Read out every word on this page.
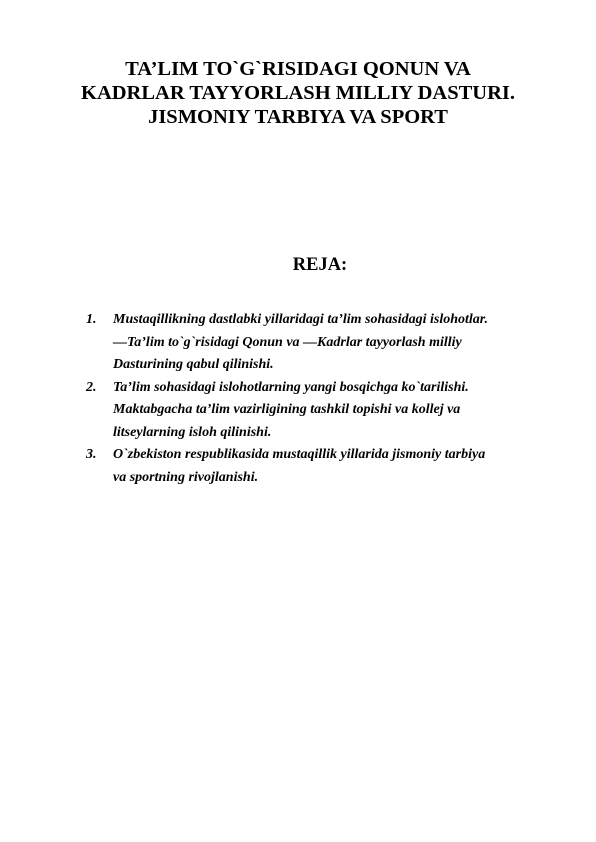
TA’LIM TO`G`RISIDAGI QONUN VA
KADRLAR TAYYORLASH MILLIY DASTURI.
JISMONIY TARBIYA VA SPORT
REJA:
1. Mustaqillikning dastlabki yillaridagi ta’lim sohasidagi islohotlar.
―Ta’lim to`g`risidagi Qonun va ―Kadrlar tayyorlash milliy
Dasturining qabul qilinishi.
2. Ta’lim sohasidagi islohotlarning yangi bosqichga ko`tarilishi.
Maktabgacha ta’lim vazirligining tashkil topishi va kollej va
litseylarning isloh qilinishi.
3. O`zbekiston respublikasida mustaqillik yillarida jismoniy tarbiya
va sportning rivojlanishi.
